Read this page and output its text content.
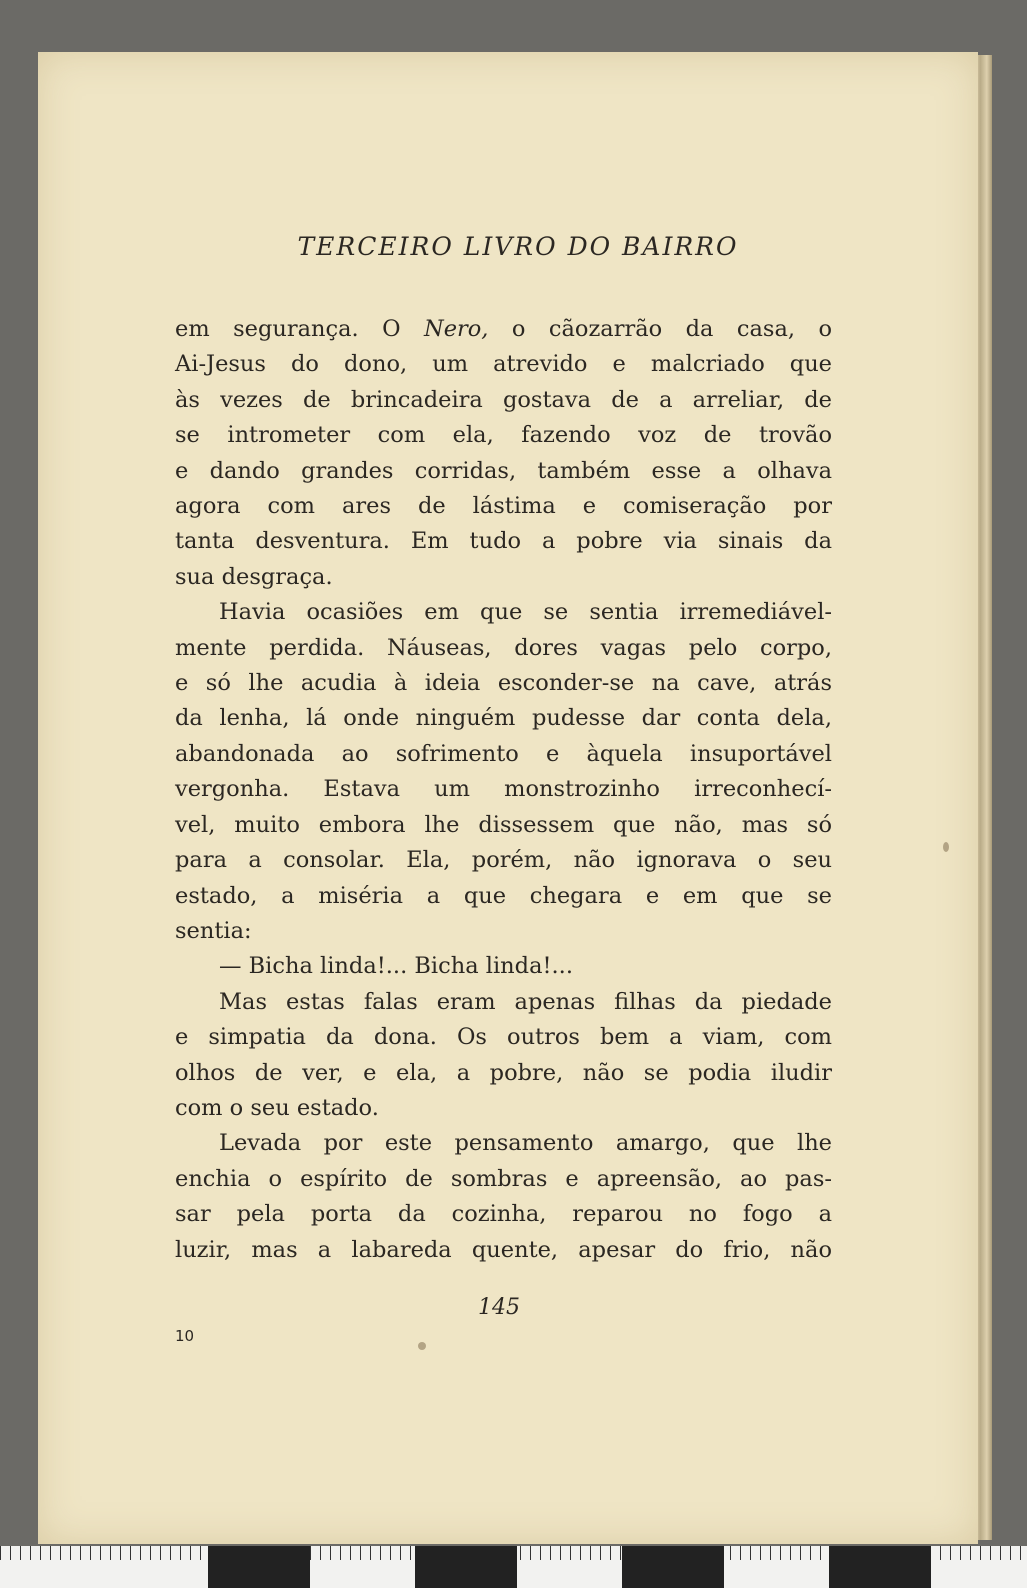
TERCEIRO LIVRO DO BAIRRO
em segurança. O Nero, o cãozarrão da casa, o
Ai-Jesus do dono, um atrevido e malcriado que
às vezes de brincadeira gostava de a arreliar, de
se intrometer com ela, fazendo voz de trovão
e dando grandes corridas, também esse a olhava
agora com ares de lástima e comiseração por
tanta desventura. Em tudo a pobre via sinais da
sua desgraça.
Havia ocasiões em que se sentia irremediável-
mente perdida. Náuseas, dores vagas pelo corpo,
e só lhe acudia à ideia esconder-se na cave, atrás
da lenha, lá onde ninguém pudesse dar conta dela,
abandonada ao sofrimento e àquela insuportável
vergonha. Estava um monstrozinho irreconhecí-
vel, muito embora lhe dissessem que não, mas só
para a consolar. Ela, porém, não ignorava o seu
estado, a miséria a que chegara e em que se
sentia:
— Bicha linda!... Bicha linda!...
Mas estas falas eram apenas filhas da piedade
e simpatia da dona. Os outros bem a viam, com
olhos de ver, e ela, a pobre, não se podia iludir
com o seu estado.
Levada por este pensamento amargo, que lhe
enchia o espírito de sombras e apreensão, ao pas-
sar pela porta da cozinha, reparou no fogo a
luzir, mas a labareda quente, apesar do frio, não
145
10
